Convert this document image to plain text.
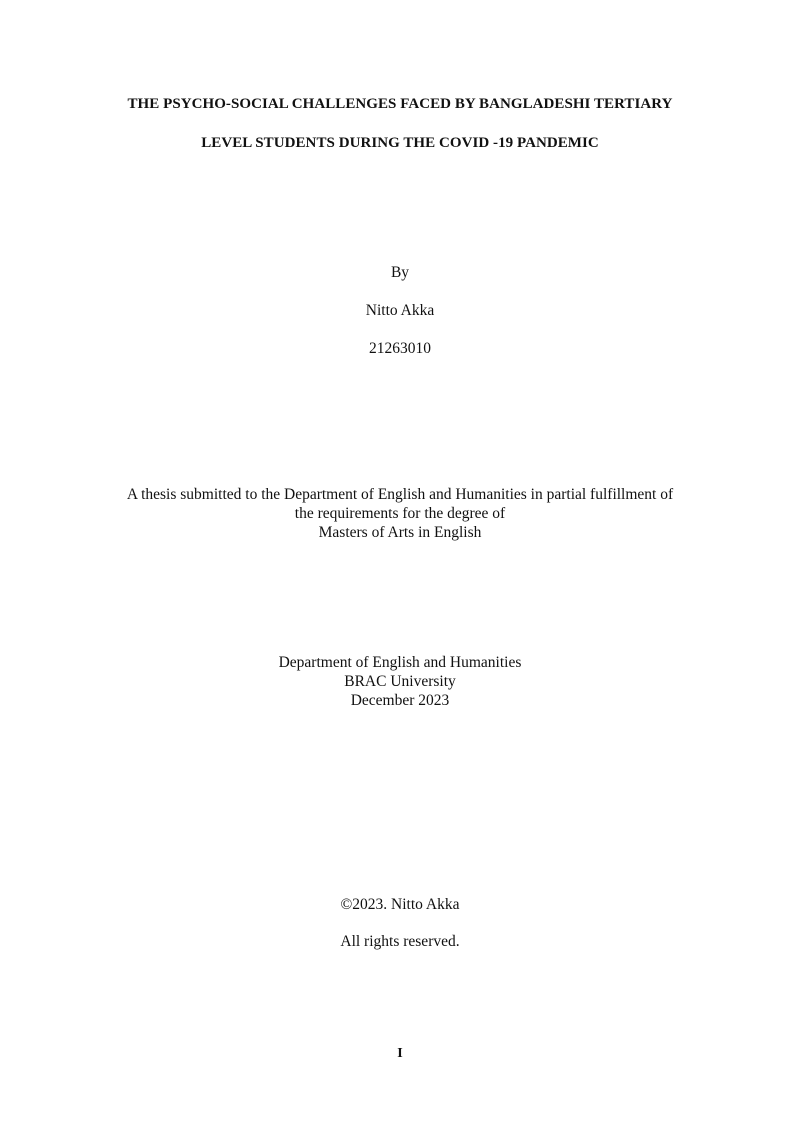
THE PSYCHO-SOCIAL CHALLENGES FACED BY BANGLADESHI TERTIARY
LEVEL STUDENTS DURING THE COVID -19 PANDEMIC
By
Nitto Akka
21263010
A thesis submitted to the Department of English and Humanities in partial fulfillment of
the requirements for the degree of
Masters of Arts in English
Department of English and Humanities
BRAC University
December 2023
©2023. Nitto Akka
All rights reserved.
I
